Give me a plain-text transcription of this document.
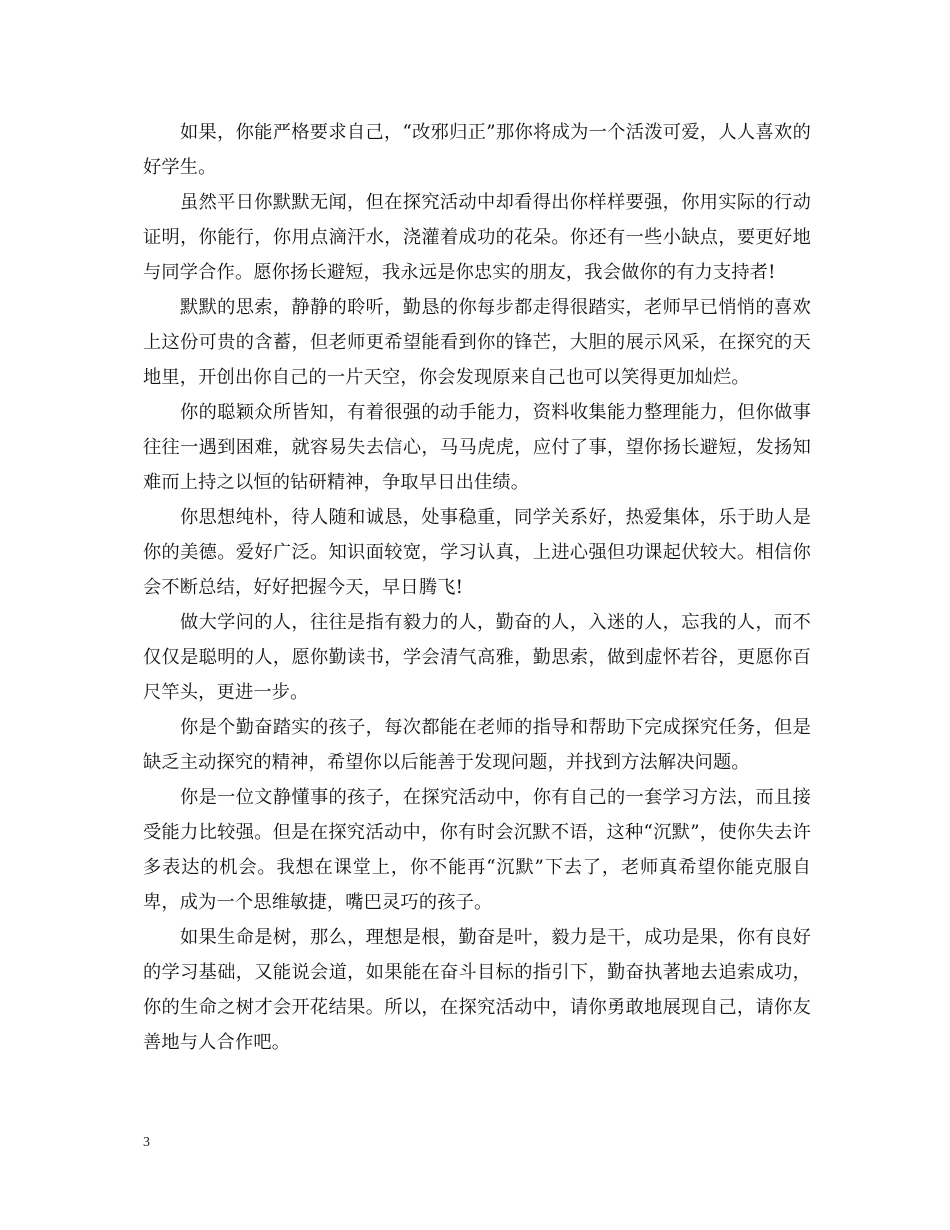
如果，你能严格要求自己，“改邪归正”那你将成为一个活泼可爱，人人喜欢的好学生。

虽然平日你默默无闻，但在探究活动中却看得出你样样要强，你用实际的行动证明，你能行，你用点滴汗水，浇灌着成功的花朵。你还有一些小缺点，要更好地与同学合作。愿你扬长避短，我永远是你忠实的朋友，我会做你的有力支持者!

默默的思索，静静的聆听，勤恳的你每步都走得很踏实，老师早已悄悄的喜欢上这份可贵的含蓄，但老师更希望能看到你的锋芒，大胆的展示风采，在探究的天地里，开创出你自己的一片天空，你会发现原来自己也可以笑得更加灿烂。

你的聪颖众所皆知，有着很强的动手能力，资料收集能力整理能力，但你做事往往一遇到困难，就容易失去信心，马马虎虎，应付了事，望你扬长避短，发扬知难而上持之以恒的钻研精神，争取早日出佳绩。

你思想纯朴，待人随和诚恳，处事稳重，同学关系好，热爱集体，乐于助人是你的美德。爱好广泛。知识面较宽，学习认真，上进心强但功课起伏较大。相信你会不断总结，好好把握今天，早日腾飞!

做大学问的人，往往是指有毅力的人，勤奋的人，入迷的人，忘我的人，而不仅仅是聪明的人，愿你勤读书，学会清气高雅，勤思索，做到虚怀若谷，更愿你百尺竿头，更进一步。

你是个勤奋踏实的孩子，每次都能在老师的指导和帮助下完成探究任务，但是缺乏主动探究的精神，希望你以后能善于发现问题，并找到方法解决问题。

你是一位文静懂事的孩子，在探究活动中，你有自己的一套学习方法，而且接受能力比较强。但是在探究活动中，你有时会沉默不语，这种“沉默”，使你失去许多表达的机会。我想在课堂上，你不能再“沉默”下去了，老师真希望你能克服自卑，成为一个思维敏捷，嘴巴灵巧的孩子。

如果生命是树，那么，理想是根，勤奋是叶，毅力是干，成功是果，你有良好的学习基础，又能说会道，如果能在奋斗目标的指引下，勤奋执著地去追索成功，你的生命之树才会开花结果。所以，在探究活动中，请你勇敢地展现自己，请你友善地与人合作吧。

3
